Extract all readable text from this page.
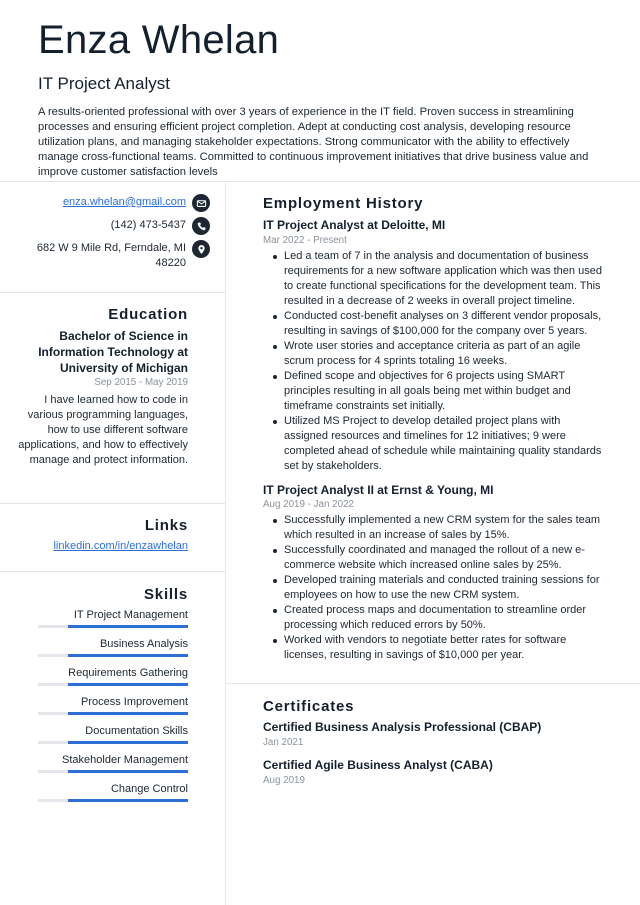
Enza Whelan
IT Project Analyst
A results-oriented professional with over 3 years of experience in the IT field. Proven success in streamlining processes and ensuring efficient project completion. Adept at conducting cost analysis, developing resource utilization plans, and managing stakeholder expectations. Strong communicator with the ability to effectively manage cross-functional teams. Committed to continuous improvement initiatives that drive business value and improve customer satisfaction levels
enza.whelan@gmail.com
(142) 473-5437
682 W 9 Mile Rd, Ferndale, MI 48220
Education
Bachelor of Science in Information Technology at University of Michigan
Sep 2015 - May 2019
I have learned how to code in various programming languages, how to use different software applications, and how to effectively manage and protect information.
Links
linkedin.com/in/enzawhelan
Skills
IT Project Management
Business Analysis
Requirements Gathering
Process Improvement
Documentation Skills
Stakeholder Management
Change Control
Employment History
IT Project Analyst at Deloitte, MI
Mar 2022 - Present
Led a team of 7 in the analysis and documentation of business requirements for a new software application which was then used to create functional specifications for the development team. This resulted in a decrease of 2 weeks in overall project timeline.
Conducted cost-benefit analyses on 3 different vendor proposals, resulting in savings of $100,000 for the company over 5 years.
Wrote user stories and acceptance criteria as part of an agile scrum process for 4 sprints totaling 16 weeks.
Defined scope and objectives for 6 projects using SMART principles resulting in all goals being met within budget and timeframe constraints set initially.
Utilized MS Project to develop detailed project plans with assigned resources and timelines for 12 initiatives; 9 were completed ahead of schedule while maintaining quality standards set by stakeholders.
IT Project Analyst II at Ernst & Young, MI
Aug 2019 - Jan 2022
Successfully implemented a new CRM system for the sales team which resulted in an increase of sales by 15%.
Successfully coordinated and managed the rollout of a new e-commerce website which increased online sales by 25%.
Developed training materials and conducted training sessions for employees on how to use the new CRM system.
Created process maps and documentation to streamline order processing which reduced errors by 50%.
Worked with vendors to negotiate better rates for software licenses, resulting in savings of $10,000 per year.
Certificates
Certified Business Analysis Professional (CBAP)
Jan 2021
Certified Agile Business Analyst (CABA)
Aug 2019
